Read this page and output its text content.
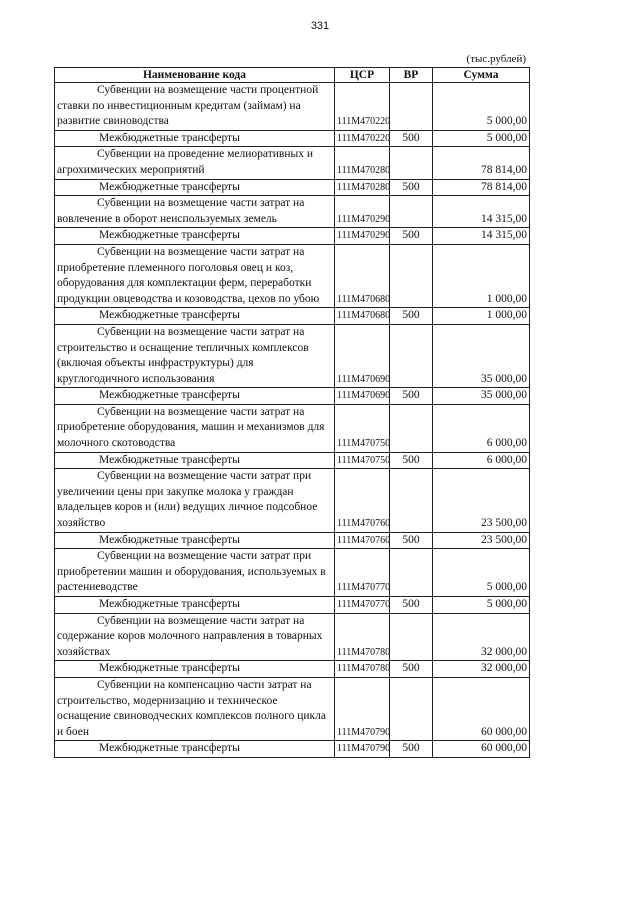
331
(тыс.рублей)
Наименование кода	ЦСР	ВР	Сумма
Субвенции на возмещение части процентной ставки по инвестиционным кредитам (займам) на развитие свиноводства	111М470220		5 000,00
Межбюджетные трансферты	111М470220	500	5 000,00
Субвенции на проведение мелиоративных и агрохимических мероприятий	111М470280		78 814,00
Межбюджетные трансферты	111М470280	500	78 814,00
Субвенции на возмещение части затрат на вовлечение в оборот неиспользуемых земель	111М470290		14 315,00
Межбюджетные трансферты	111М470290	500	14 315,00
Субвенции на возмещение части затрат на приобретение племенного поголовья овец и коз, оборудования для комплектации ферм, переработки продукции овцеводства и козоводства, цехов по убою	111М470680		1 000,00
Межбюджетные трансферты	111М470680	500	1 000,00
Субвенции на возмещение части затрат на строительство и оснащение тепличных комплексов (включая объекты инфраструктуры) для круглогодичного использования	111М470690		35 000,00
Межбюджетные трансферты	111М470690	500	35 000,00
Субвенции на возмещение части затрат на приобретение оборудования, машин и механизмов для молочного скотоводства	111М470750		6 000,00
Межбюджетные трансферты	111М470750	500	6 000,00
Субвенции на возмещение части затрат при увеличении цены при закупке молока у граждан владельцев коров и (или) ведущих личное подсобное хозяйство	111М470760		23 500,00
Межбюджетные трансферты	111М470760	500	23 500,00
Субвенции на возмещение части затрат при приобретении машин и оборудования, используемых в растениеводстве	111М470770		5 000,00
Межбюджетные трансферты	111М470770	500	5 000,00
Субвенции на возмещение части затрат на содержание коров молочного направления в товарных хозяйствах	111М470780		32 000,00
Межбюджетные трансферты	111М470780	500	32 000,00
Субвенции на компенсацию части затрат на строительство, модернизацию и техническое оснащение свиноводческих комплексов полного цикла и боен	111М470790		60 000,00
Межбюджетные трансферты	111М470790	500	60 000,00
